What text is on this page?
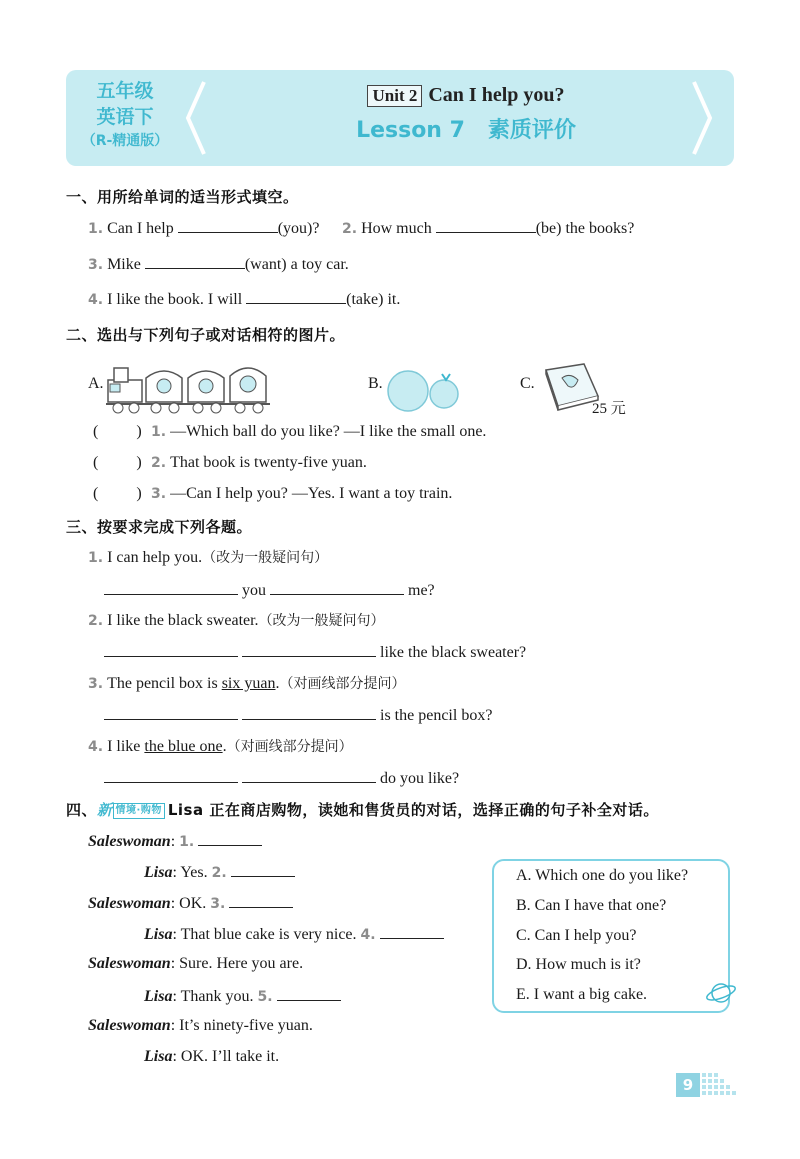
五年级
英语下
（R-精通版）
Unit 2 Can I help you?
Lesson 7 素质评价
一、用所给单词的适当形式填空。
1. Can I help	(you)? 2. How much	(be) the books?
3. Mike	(want) a toy car.
4. I like the book. I will	(take) it.
二、选出与下列句子或对话相符的图片。
A.	B.	C.
25 元
( ) 1. —Which ball do you like? —I like the small one.
( ) 2. That book is twenty-five yuan.
( ) 3. —Can I help you? —Yes. I want a toy train.
三、按要求完成下列各题。
1. I can help you.（改为一般疑问句）
you	me?
2. I like the black sweater.（改为一般疑问句）
like the black sweater?
3. The pencil box is six yuan.（对画线部分提问）
is the pencil box?
4. I like the blue one.（对画线部分提问）
do you like?
四、新 情境·购物 Lisa 正在商店购物，读她和售货员的对话，选择正确的句子补全对话。
Saleswoman: 1.
Lisa: Yes. 2.
Saleswoman: OK. 3.
Lisa: That blue cake is very nice. 4.
Saleswoman: Sure. Here you are.
Lisa: Thank you. 5.
Saleswoman: It’s ninety-five yuan.
Lisa: OK. I’ll take it.
A. Which one do you like?
B. Can I have that one?
C. Can I help you?
D. How much is it?
E. I want a big cake.
9
